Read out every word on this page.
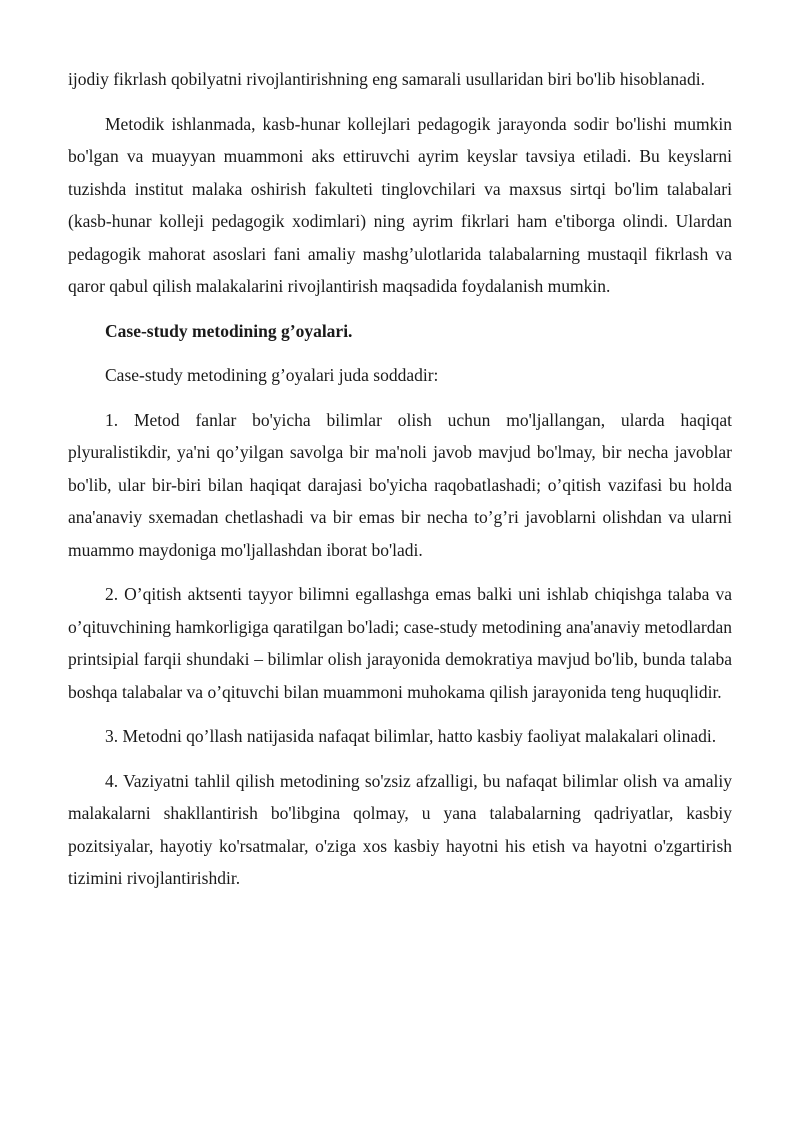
ijodiy fikrlash qobilyatni rivojlantirishning eng samarali usullaridan biri bo'lib hisoblanadi.

Metodik ishlanmada, kasb-hunar kollejlari pedagogik jarayonda sodir bo'lishi mumkin bo'lgan va muayyan muammoni aks ettiruvchi ayrim keyslar tavsiya etiladi. Bu keyslarni tuzishda institut malaka oshirish fakulteti tinglovchilari va maxsus sirtqi bo'lim talabalari (kasb-hunar kolleji pedagogik xodimlari) ning ayrim fikrlari ham e'tiborga olindi. Ulardan pedagogik mahorat asoslari fani amaliy mashg’ulotlarida talabalarning mustaqil fikrlash va qaror qabul qilish malakalarini rivojlantirish maqsadida foydalanish mumkin.

Case-study metodining g’oyalari.

Case-study metodining g’oyalari juda soddadir:

1. Metod fanlar bo'yicha bilimlar olish uchun mo'ljallangan, ularda haqiqat plyuralistikdir, ya'ni qo’yilgan savolga bir ma'noli javob mavjud bo'lmay, bir necha javoblar bo'lib, ular bir-biri bilan haqiqat darajasi bo'yicha raqobatlashadi; o’qitish vazifasi bu holda ana'anaviy sxemadan chetlashadi va bir emas bir necha to’g’ri javoblarni olishdan va ularni muammo maydoniga mo'ljallashdan iborat bo'ladi.

2. O’qitish aktsenti tayyor bilimni egallashga emas balki uni ishlab chiqishga talaba va o’qituvchining hamkorligiga qaratilgan bo'ladi; case-study metodining ana'anaviy metodlardan printsipial farqii shundaki – bilimlar olish jarayonida demokratiya mavjud bo'lib, bunda talaba boshqa talabalar va o’qituvchi bilan muammoni muhokama qilish jarayonida teng huquqlidir.

3. Metodni qo’llash natijasida nafaqat bilimlar, hatto kasbiy faoliyat malakalari olinadi.

4. Vaziyatni tahlil qilish metodining so'zsiz afzalligi, bu nafaqat bilimlar olish va amaliy malakalarni shakllantirish bo'libgina qolmay, u yana talabalarning qadriyatlar, kasbiy pozitsiyalar, hayotiy ko'rsatmalar, o'ziga xos kasbiy hayotni his etish va hayotni o'zgartirish tizimini rivojlantirishdir.
